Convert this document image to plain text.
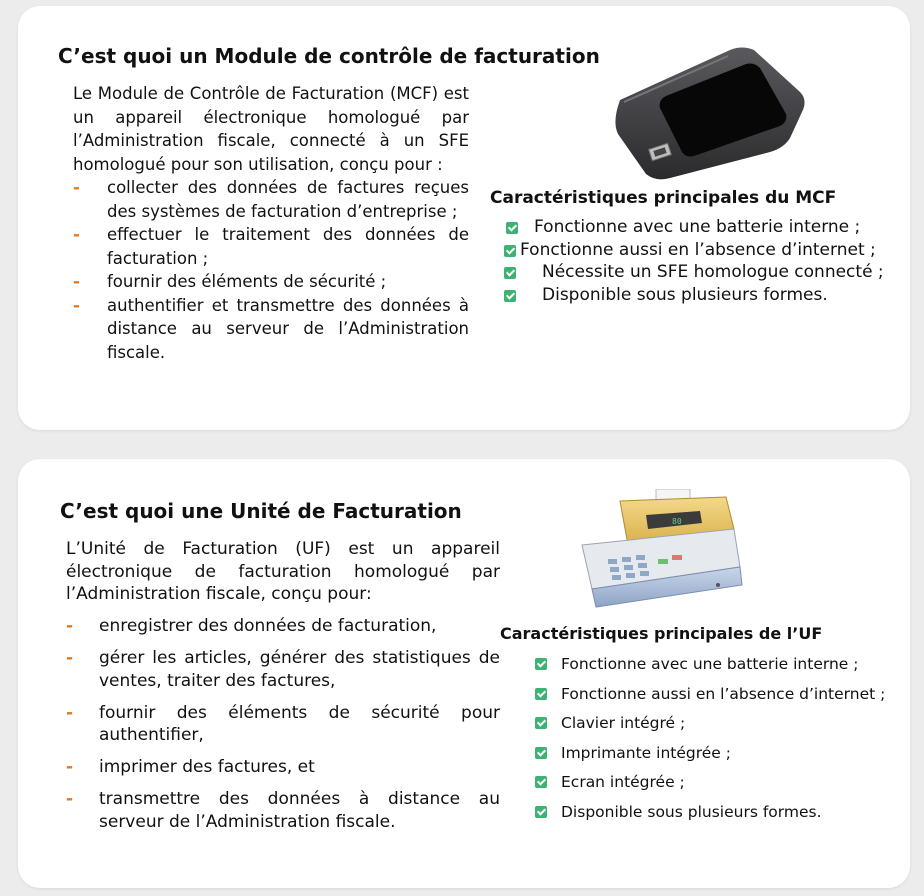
C’est quoi un Module de contrôle de facturation

Le Module de Contrôle de Facturation (MCF) est un appareil électronique homologué par l’Administration fiscale, connecté à un SFE homologué pour son utilisation, conçu pour :

- collecter des données de factures reçues des systèmes de facturation d’entreprise ;
- effectuer le traitement des données de facturation ;
- fournir des éléments de sécurité ;
- authentifier et transmettre des données à distance au serveur de l’Administration fiscale.
Caractéristiques principales du MCF
Fonctionne avec une batterie interne ;
Fonctionne aussi en l’absence d’internet ;
Nécessite un SFE homologue connecté ;
Disponible sous plusieurs formes.
C’est quoi une Unité de Facturation

L’Unité de Facturation (UF) est un appareil électronique de facturation homologué par l’Administration fiscale, conçu pour:

- enregistrer des données de facturation,
- gérer les articles, générer des statistiques de ventes, traiter des factures,
- fournir des éléments de sécurité pour authentifier,
- imprimer des factures, et
- transmettre des données à distance au serveur de l’Administration fiscale.
80
Caractéristiques principales de l’UF
Fonctionne avec une batterie interne ;
Fonctionne aussi en l’absence d’internet ;
Clavier intégré ;
Imprimante intégrée ;
Ecran intégrée ;
Disponible sous plusieurs formes.
